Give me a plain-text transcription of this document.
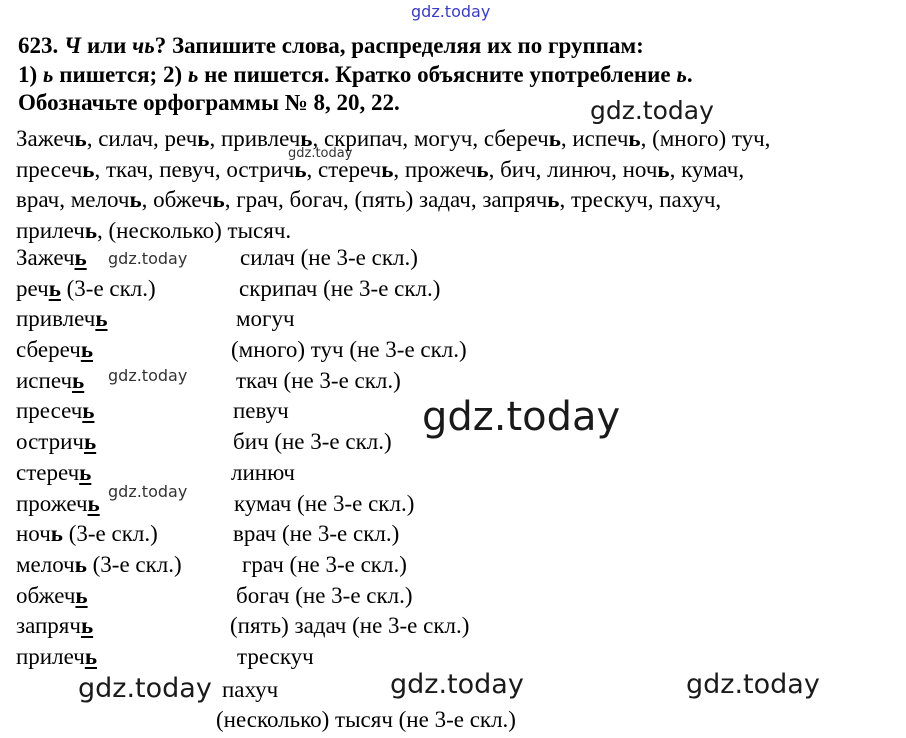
gdz.today
623. Ч или чь? Запишите слова, распределяя их по группам:
1) ь пишется; 2) ь не пишется. Кратко объясните употребление ь.
Обозначьте орфограммы № 8, 20, 22.
Зажечь, силач, речь, привлечь, скрипач, могуч, сберечь, испечь, (много) туч,
пресечь, ткач, певуч, остричь, стеречь, прожечь, бич, линюч, ночь, кумач,
врач, мелочь, обжечь, грач, богач, (пять) задач, запрячь, трескуч, пахуч,
прилечь, (несколько) тысяч.
Зажечь
речь (3-е скл.)
привлечь
сберечь
испечь
пресечь
остричь
стеречь
прожечь
ночь (3-е скл.)
мелочь (3-е скл.)
обжечь
запрячь
прилечь
силач (не 3-е скл.)
скрипач (не 3-е скл.)
могуч
(много) туч (не 3-е скл.)
ткач (не 3-е скл.)
певуч
бич (не 3-е скл.)
линюч
кумач (не 3-е скл.)
врач (не 3-е скл.)
грач (не 3-е скл.)
богач (не 3-е скл.)
(пять) задач (не 3-е скл.)
трескуч
пахуч
(несколько) тысяч (не 3-е скл.)
gdz.today
gdz.today
gdz.today
gdz.today
gdz.today
gdz.today
gdz.today	gdz.today	gdz.today
